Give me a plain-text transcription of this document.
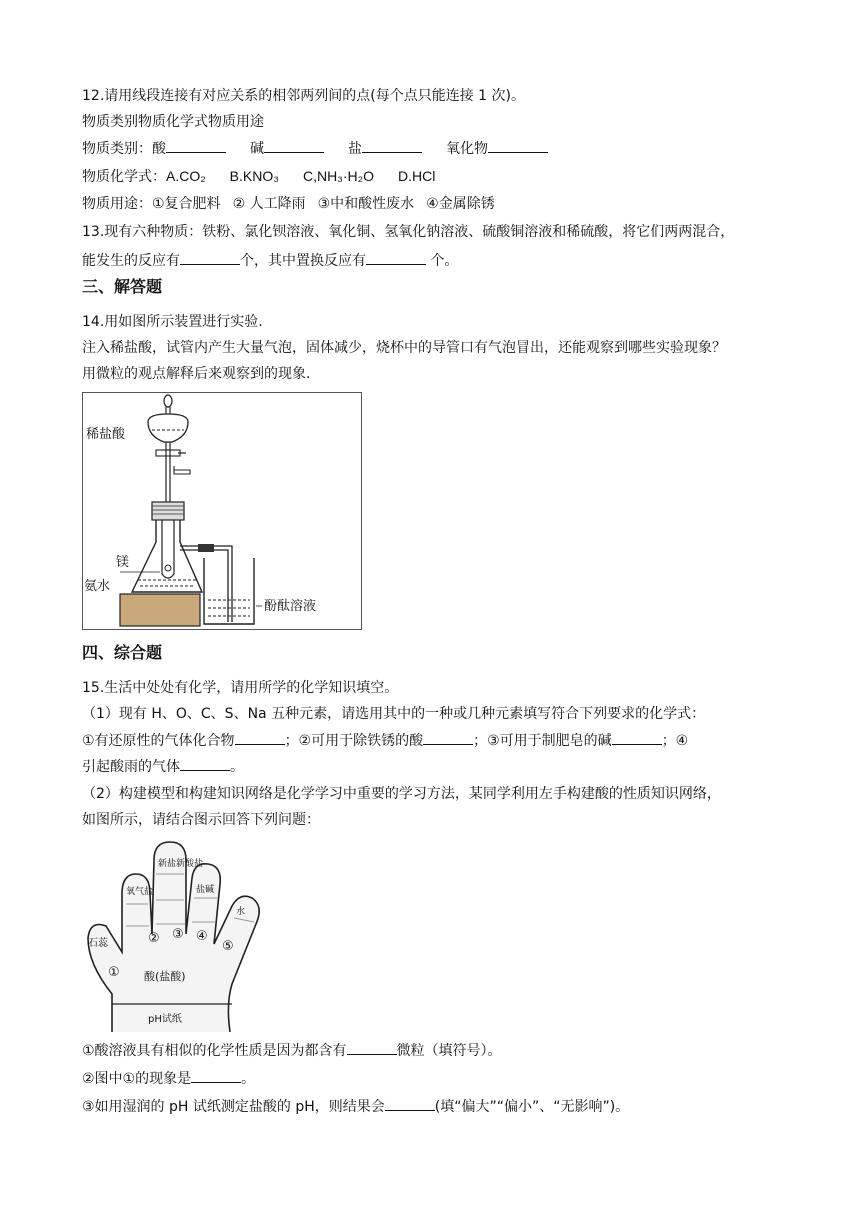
12.请用线段连接有对应关系的相邻两列间的点(每个点只能连接 1 次)。
物质类别物质化学式物质用途
物质类别：酸	碱	盐	氧化物
物质化学式：A.CO₂ B.KNO₃ C,NH₃·H₂O D.HCl
物质用途：①复合肥料 ② 人工降雨 ③中和酸性废水 ④金属除锈
13.现有六种物质：铁粉、氯化钡溶液、氧化铜、氢氧化钠溶液、硫酸铜溶液和稀硫酸，将它们两两混合，
能发生的反应有	个，其中置换反应有	个。
三、解答题
14.用如图所示装置进行实验.
注入稀盐酸，试管内产生大量气泡，固体减少，烧杯中的导管口有气泡冒出，还能观察到哪些实验现象？
用微粒的观点解释后来观察到的现象.
稀盐酸
镁
氨水
酚酞溶液
四、综合题
15.生活中处处有化学，请用所学的化学知识填空。
（1）现有 H、O、C、S、Na 五种元素，请选用其中的一种或几种元素填写符合下列要求的化学式：
①有还原性的气体化合物	；②可用于除铁锈的酸	；③可用于制肥皂的碱	；④
引起酸雨的气体	。
（2）构建模型和构建知识网络是化学学习中重要的学习方法，某同学利用左手构建酸的性质知识网络，
如图所示，请结合图示回答下列问题：
石蕊
氧气盐
新盐新酸盐
盐碱
水
①
② ③ ④
⑤
酸(盐酸)
pH试纸
①酸溶液具有相似的化学性质是因为都含有	微粒（填符号）。
②图中①的现象是	。
③如用湿润的 pH 试纸测定盐酸的 pH，则结果会	(填“偏大”“偏小”、“无影响”)。
